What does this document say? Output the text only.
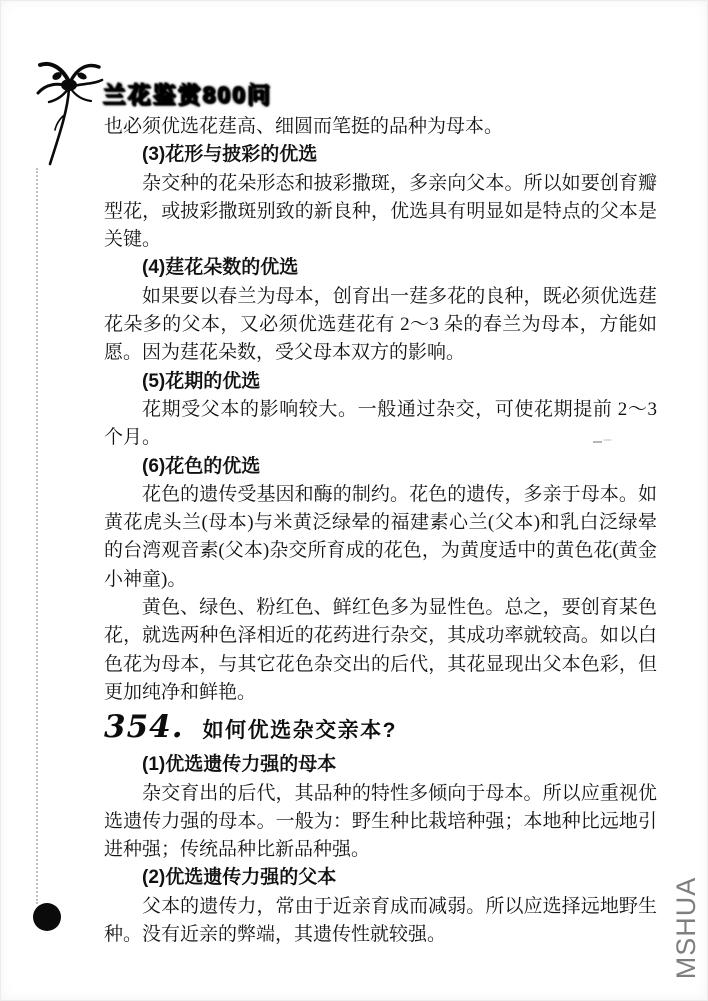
兰花鉴赏800问

也必须优选花莛高、细圆而笔挺的品种为母本。

(3)花形与披彩的优选

杂交种的花朵形态和披彩撒斑，多亲向父本。所以如要创育瓣型花，或披彩撒斑别致的新良种，优选具有明显如是特点的父本是关键。

(4)莛花朵数的优选

如果要以春兰为母本，创育出一莛多花的良种，既必须优选莛花朵多的父本，又必须优选莛花有 2～3 朵的春兰为母本，方能如愿。因为莛花朵数，受父母本双方的影响。

(5)花期的优选

花期受父本的影响较大。一般通过杂交，可使花期提前 2～3 个月。

(6)花色的优选

花色的遗传受基因和酶的制约。花色的遗传，多亲于母本。如黄花虎头兰(母本)与米黄泛绿晕的福建素心兰(父本)和乳白泛绿晕的台湾观音素(父本)杂交所育成的花色，为黄度适中的黄色花(黄金小神童)。

黄色、绿色、粉红色、鲜红色多为显性色。总之，要创育某色花，就选两种色泽相近的花药进行杂交，其成功率就较高。如以白色花为母本，与其它花色杂交出的后代，其花显现出父本色彩，但更加纯净和鲜艳。

354. 如何优选杂交亲本?

(1)优选遗传力强的母本

杂交育出的后代，其品种的特性多倾向于母本。所以应重视优选遗传力强的母本。一般为：野生种比栽培种强；本地种比远地引进种强；传统品种比新品种强。

(2)优选遗传力强的父本

父本的遗传力，常由于近亲育成而减弱。所以应选择远地野生种。没有近亲的弊端，其遗传性就较强。	MSHUA
